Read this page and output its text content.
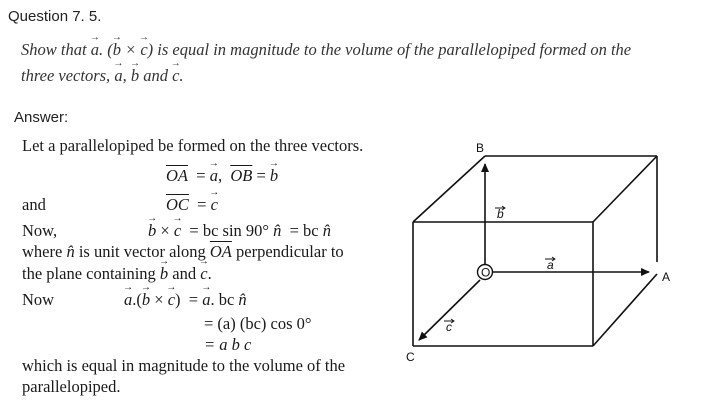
Question 7. 5.
Show that → a. (→ b × → c) is equal in magnitude to the volume of the parallelopiped formed on the
three vectors, → a, → b and → c.
Answer:
Let a parallelopiped be formed on the three vectors.
$\overline{OA}$ = → a, $\overline{OB}$ = → b
and	$\overline{OC}$ = → c
Now,	→ b × → c = bc sin 90° n̂ = bc n̂
where n̂ is unit vector along $\overline{OA}$ perpendicular to
the plane containing → b and → c.
Now	→ a.(→ b × → c) = → a. bc n̂
= (a) (bc) cos 0°
= a b c
which is equal in magnitude to the volume of the
parallelopiped.
O
B
A
C
b
a
c
